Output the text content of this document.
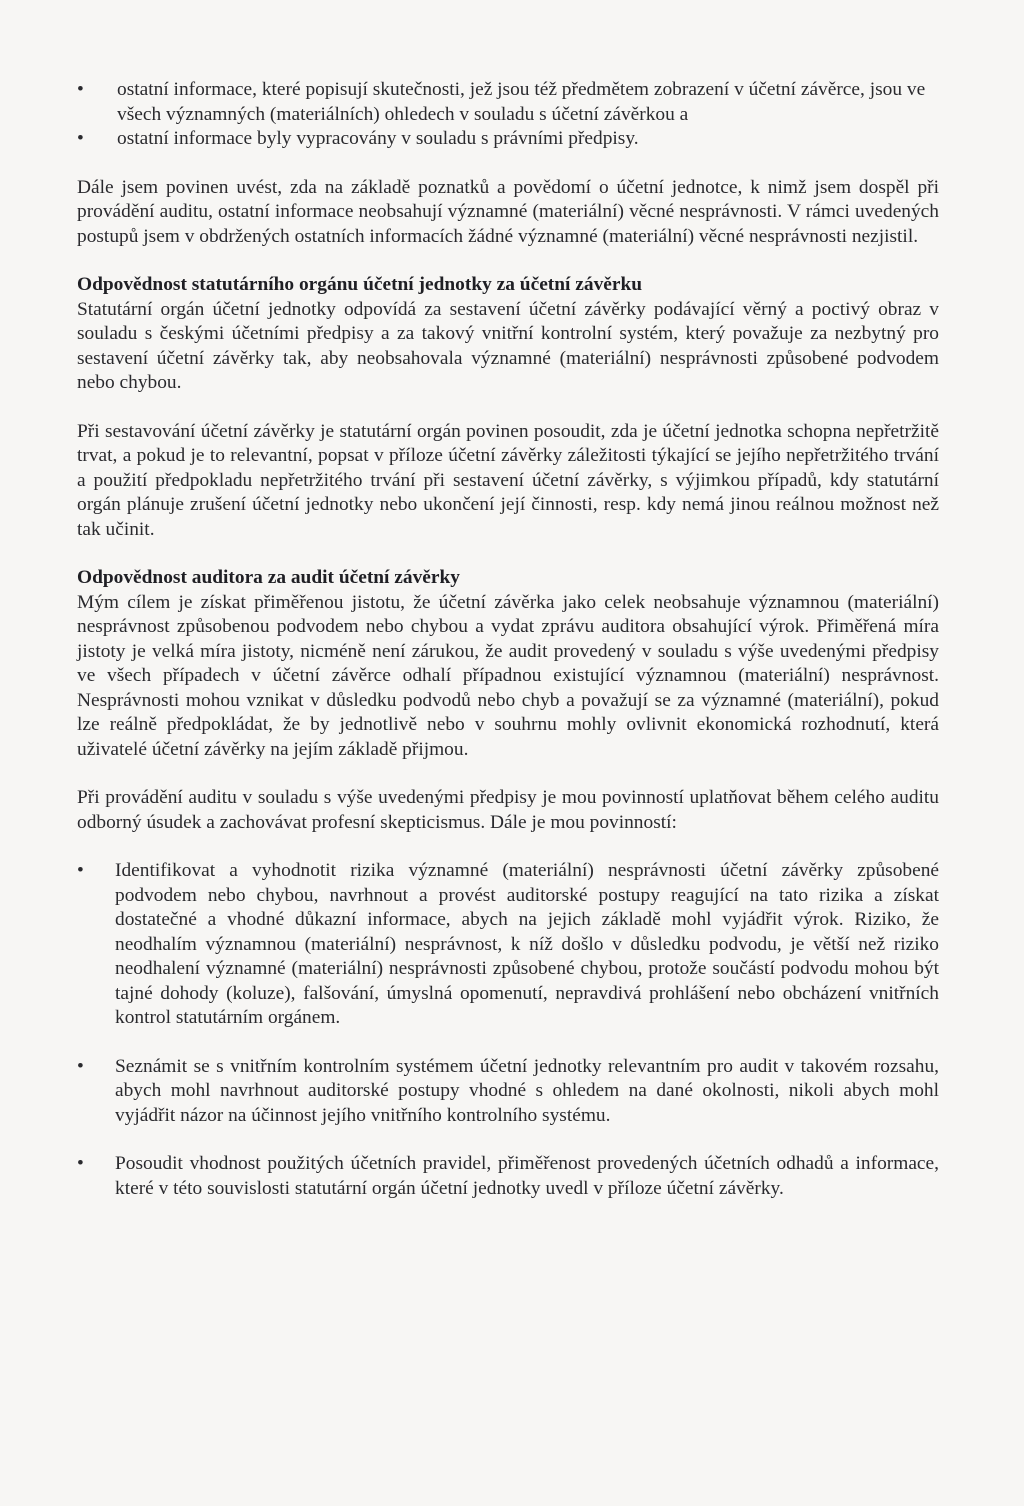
•	ostatní informace, které popisují skutečnosti, jež jsou též předmětem zobrazení v účetní závěrce, jsou ve všech významných (materiálních) ohledech v souladu s účetní závěrkou a
•	ostatní informace byly vypracovány v souladu s právními předpisy.

Dále jsem povinen uvést, zda na základě poznatků a povědomí o účetní jednotce, k nimž jsem dospěl při provádění auditu, ostatní informace neobsahují významné (materiální) věcné nesprávnosti. V rámci uvedených postupů jsem v obdržených ostatních informacích žádné významné (materiální) věcné nesprávnosti nezjistil.

Odpovědnost statutárního orgánu účetní jednotky za účetní závěrku

Statutární orgán účetní jednotky odpovídá za sestavení účetní závěrky podávající věrný a poctivý obraz v souladu s českými účetními předpisy a za takový vnitřní kontrolní systém, který považuje za nezbytný pro sestavení účetní závěrky tak, aby neobsahovala významné (materiální) nesprávnosti způsobené podvodem nebo chybou.

Při sestavování účetní závěrky je statutární orgán povinen posoudit, zda je účetní jednotka schopna nepřetržitě trvat, a pokud je to relevantní, popsat v příloze účetní závěrky záležitosti týkající se jejího nepřetržitého trvání a použití předpokladu nepřetržitého trvání při sestavení účetní závěrky, s výjimkou případů, kdy statutární orgán plánuje zrušení účetní jednotky nebo ukončení její činnosti, resp. kdy nemá jinou reálnou možnost než tak učinit.

Odpovědnost auditora za audit účetní závěrky

Mým cílem je získat přiměřenou jistotu, že účetní závěrka jako celek neobsahuje významnou (materiální) nesprávnost způsobenou podvodem nebo chybou a vydat zprávu auditora obsahující výrok. Přiměřená míra jistoty je velká míra jistoty, nicméně není zárukou, že audit provedený v souladu s výše uvedenými předpisy ve všech případech v účetní závěrce odhalí případnou existující významnou (materiální) nesprávnost. Nesprávnosti mohou vznikat v důsledku podvodů nebo chyb a považují se za významné (materiální), pokud lze reálně předpokládat, že by jednotlivě nebo v souhrnu mohly ovlivnit ekonomická rozhodnutí, která uživatelé účetní závěrky na jejím základě přijmou.

Při provádění auditu v souladu s výše uvedenými předpisy je mou povinností uplatňovat během celého auditu odborný úsudek a zachovávat profesní skepticismus. Dále je mou povinností:

•	Identifikovat a vyhodnotit rizika významné (materiální) nesprávnosti účetní závěrky způsobené podvodem nebo chybou, navrhnout a provést auditorské postupy reagující na tato rizika a získat dostatečné a vhodné důkazní informace, abych na jejich základě mohl vyjádřit výrok. Riziko, že neodhalím významnou (materiální) nesprávnost, k níž došlo v důsledku podvodu, je větší než riziko neodhalení významné (materiální) nesprávnosti způsobené chybou, protože součástí podvodu mohou být tajné dohody (koluze), falšování, úmyslná opomenutí, nepravdivá prohlášení nebo obcházení vnitřních kontrol statutárním orgánem.
•	Seznámit se s vnitřním kontrolním systémem účetní jednotky relevantním pro audit v takovém rozsahu, abych mohl navrhnout auditorské postupy vhodné s ohledem na dané okolnosti, nikoli abych mohl vyjádřit názor na účinnost jejího vnitřního kontrolního systému.
•	Posoudit vhodnost použitých účetních pravidel, přiměřenost provedených účetních odhadů a informace, které v této souvislosti statutární orgán účetní jednotky uvedl v příloze účetní závěrky.
